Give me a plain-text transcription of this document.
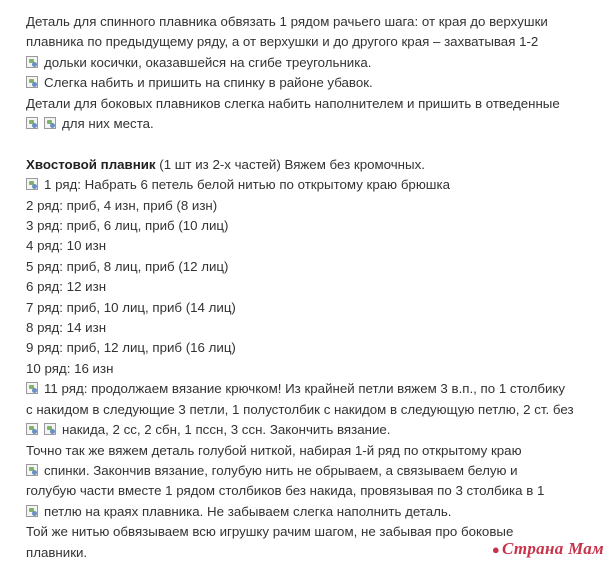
Деталь для спинного плавника обвязать 1 рядом рачьего шага: от края до верхушки
плавника по предыдущему ряду, а от верхушки и до другого края – захватывая 1-2
дольки косички, оказавшейся на сгибе треугольника.
Слегка набить и пришить на спинку в районе убавок.
Детали для боковых плавников слегка набить наполнителем и пришить в отведенные
для них места.
Хвостовой плавник (1 шт из 2-х частей) Вяжем без кромочных.
1 ряд: Набрать 6 петель белой нитью по открытому краю брюшка
2 ряд: приб, 4 изн, приб (8 изн)
3 ряд: приб, 6 лиц, приб (10 лиц)
4 ряд: 10 изн
5 ряд: приб, 8 лиц, приб (12 лиц)
6 ряд: 12 изн
7 ряд: приб, 10 лиц, приб (14 лиц)
8 ряд: 14 изн
9 ряд: приб, 12 лиц, приб (16 лиц)
10 ряд: 16 изн
11 ряд: продолжаем вязание крючком! Из крайней петли вяжем 3 в.п., по 1 столбику
с накидом в следующие 3 петли, 1 полустолбик с накидом в следующую петлю, 2 ст. без
накида, 2 сс, 2 сбн, 1 пссн, 3 ссн. Закончить вязание.
Точно так же вяжем деталь голубой ниткой, набирая 1-й ряд по открытому краю
спинки. Закончив вязание, голубую нить не обрываем, а связываем белую и
голубую части вместе 1 рядом столбиков без накида, провязывая по 3 столбика в 1
петлю на краях плавника. Не забываем слегка наполнить деталь.
Той же нитью обвязываем всю игрушку рачим шагом, не забывая про боковые
плавники.	● Страна Мам
